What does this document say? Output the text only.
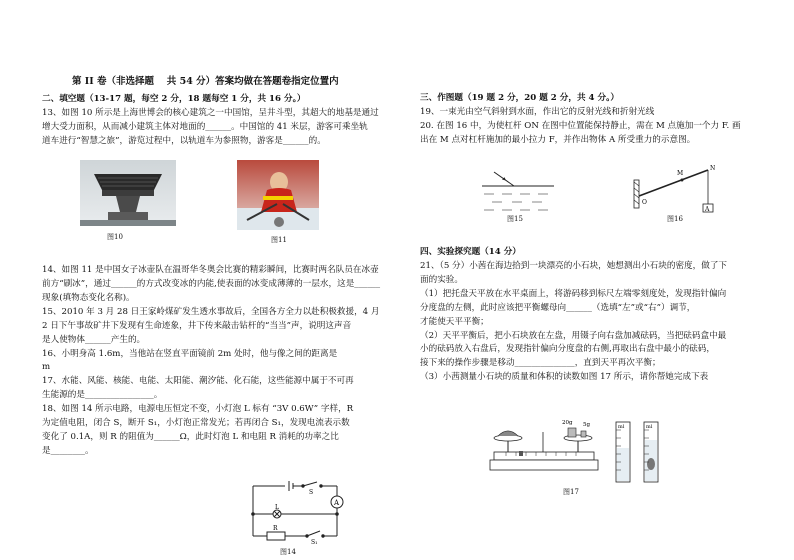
第 II 卷（非选择题　 共 54 分）答案均做在答题卷指定位置内
二、填空题（13-17 题，每空 2 分，18 题每空 1 分，共 16 分。）
13、如图 10 所示是上海世博会的核心建筑之一中国馆，呈井斗型，其超大的地基是通过
增大受力面积，从而减小建筑主体对地面的______。中国馆的 41 米层，游客可乘坐轨
道车进行“智慧之旅”，游览过程中，以轨道车为参照物，游客是______的。
图10	图11
14、如图 11 是中国女子冰壶队在温哥华冬奥会比赛的精彩瞬间，比赛时两名队员在冰壶
前方“刷冰”，通过______的方式改变冰的内能,使表面的冰变成薄薄的一层水，这是______
现象(填物态变化名称)。
15、2010 年 3 月 28 日王家岭煤矿发生透水事故后，全国各方全力以赴积极救援，4 月
2 日下午事故矿井下发现有生命迹象，井下传来敲击钻杆的“当当”声，说明这声音
是人使物体______产生的。
16、小明身高 1.6m，当他站在竖直平面镜前 2m 处时，他与像之间的距离是
m
17、水能、风能、核能、电能、太阳能、潮汐能、化石能，这些能源中属于不可再
生能源的是________________。
18、如图 14 所示电路，电源电压恒定不变，小灯泡 L 标有 “3V 0.6W” 字样，R
为定值电阻，闭合 S，断开 S₁，小灯泡正常发光；若再闭合 S₁，发现电流表示数
变化了 0.1A，则 R 的阻值为______Ω，此时灯泡 L 和电阻 R 消耗的功率之比
是________。
A
S
L
R
S₁
图14
三、作图题（19 题 2 分，20 题 2 分，共 4 分。）
19、一束光由空气斜射到水面，作出它的反射光线和折射光线
20. 在图 16 中，为使杠杆 ON 在图中位置能保持静止，需在 M 点施加一个力 F. 画
出在 M 点对杠杆施加的最小拉力 F，并作出物体 A 所受重力的示意图。
图15
O
M
N
A
图16
四、实验探究题（14 分）
21、（5 分）小茜在海边拾到一块漂亮的小石块，她想测出小石块的密度，做了下
面的实验。
（1）把托盘天平放在水平桌面上，将游码移到标尺左端零刻度处，发现指针偏向
分度盘的左侧，此时应该把平衡螺母向______（选填“左”或“右”）调节，
才能使天平平衡；
（2）天平平衡后，把小石块放在左盘，用镊子向右盘加减砝码，当把砝码盒中最
小的砝码放入右盘后，发现指针偏向分度盘的右侧,再取出右盘中最小的砝码，
接下来的操作步骤是移动______________，直到天平再次平衡；
（3）小茜测量小石块的质量和体积的读数如图 17 所示，请你帮她完成下表
20g 5g	ml	ml
图17
